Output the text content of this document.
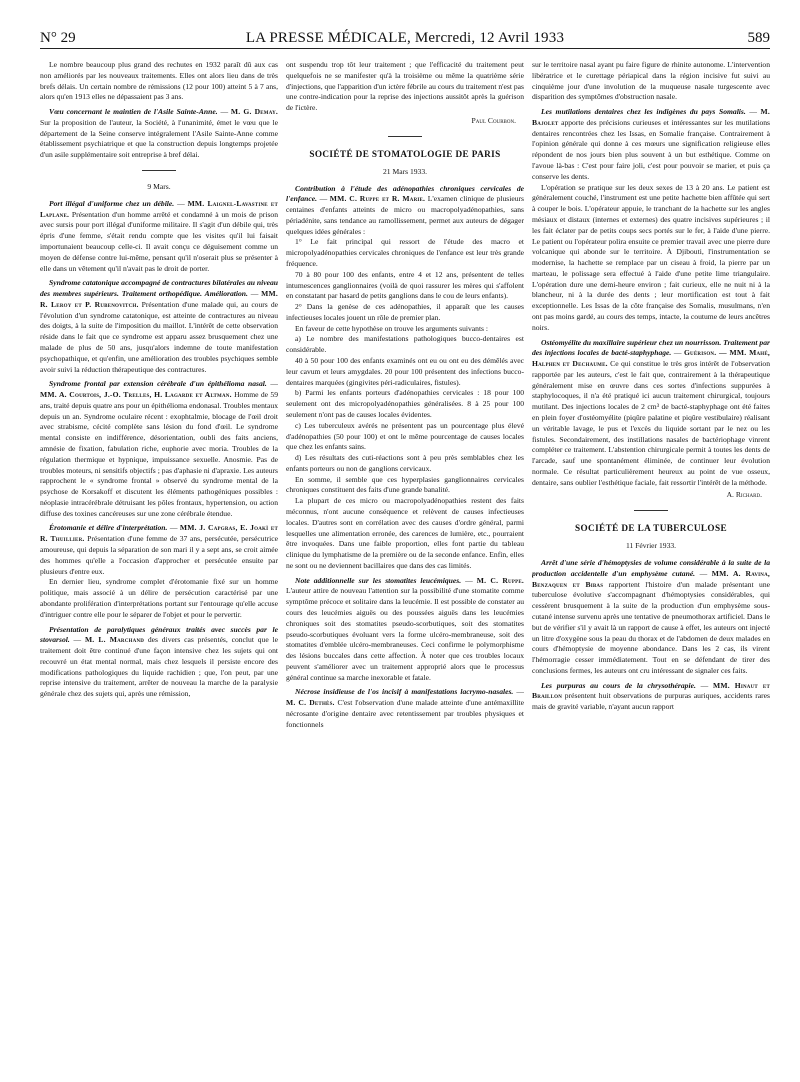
N° 29	LA PRESSE MÉDICALE, Mercredi, 12 Avril 1933	589

Le nombre beaucoup plus grand des rechutes en 1932 paraît dû aux cas non améliorés par les nouveaux traitements. Elles ont alors lieu dans de très brefs délais. Un certain nombre de rémissions (12 pour 100) atteint 5 à 7 ans, alors qu'en 1913 elles ne dépassaient pas 3 ans.

Vœu concernant le maintien de l'Asile Sainte-Anne. — M. G. Demay. Sur la proposition de l'auteur, la Société, à l'unanimité, émet le vœu que le département de la Seine conserve intégralement l'Asile Sainte-Anne comme établissement psychiatrique et que la construction depuis longtemps projetée d'un asile supplémentaire soit entreprise à bref délai.

9 Mars.

Port illégal d'uniforme chez un débile. — MM. Laignel-Lavastine et Laplane. Présentation d'un homme arrêté et condamné à un mois de prison avec sursis pour port illégal d'uniforme militaire. Il s'agit d'un débile qui, très épris d'une femme, s'était rendu compte que les visites qu'il lui faisait importunaient beaucoup celle-ci. Il avait conçu ce déguisement comme un moyen de défense contre lui-même, pensant qu'il n'oserait plus se présenter à elle dans un vêtement qu'il n'avait pas le droit de porter.

Syndrome catatonique accompagné de contractures bilatérales au niveau des membres supérieurs. Traitement orthopédique. Amélioration. — MM. R. Leroy et P. Rubenovitch. Présentation d'une malade qui, au cours de l'évolution d'un syndrome catatonique, est atteinte de contractures au niveau des doigts, à la suite de l'imposition du maillot. L'intérêt de cette observation réside dans le fait que ce syndrome est apparu assez brusquement chez une malade de plus de 50 ans, jusqu'alors indemne de toute manifestation psychopathique, et qu'enfin, une amélioration des troubles psychiques semble avoir suivi la réduction thérapeutique des contractures.

Syndrome frontal par extension cérébrale d'un épithélioma nasal. — MM. A. Courtois, J.-O. Trelles, H. Lagarde et Altman. Homme de 59 ans, traité depuis quatre ans pour un épithélioma endonasal. Troubles mentaux depuis un an. Syndrome oculaire récent : exophtalmie, blocage de l'œil droit avec strabisme, cécité complète sans lésion du fond d'œil. Le syndrome mental consiste en indifférence, désorientation, oubli des faits anciens, amnésie de fixation, fabulation riche, euphorie avec moria. Troubles de la régulation thermique et hypnique, impuissance sexuelle. Anosmie. Pas de troubles moteurs, ni sensitifs objectifs ; pas d'aphasie ni d'apraxie. Les auteurs rapprochent le « syndrome frontal » observé du syndrome mental de la psychose de Korsakoff et discutent les éléments pathogéniques possibles : néoplasie intracérébrale détruisant les pôles frontaux, hypertension, ou action diffuse des toxines cancéreuses sur une zone cérébrale étendue.

Érotomanie et délire d'interprétation. — MM. J. Capgras, E. Joakì et R. Thuillier. Présentation d'une femme de 37 ans, persécutée, persécutrice amoureuse, qui depuis la séparation de son mari il y a sept ans, se croit aimée des hommes qu'elle a l'occasion d'approcher et persécutée ensuite par plusieurs d'entre eux.

En dernier lieu, syndrome complet d'érotomanie fixé sur un homme politique, mais associé à un délire de persécution caractérisé par une abondante prolifération d'interprétations portant sur l'entourage qu'elle accuse d'intriguer contre elle pour le séparer de l'objet et pour le pervertir.

Présentation de paralytiques généraux traités avec succès par le stovarsol. — M. L. Marchand des divers cas présentés, conclut que le traitement doit être continué d'une façon intensive chez les sujets qui ont recouvré un état mental normal, mais chez lesquels il persiste encore des modifications pathologiques du liquide rachidien ; que, l'on peut, par une reprise intensive du traitement, arrêter de nouveau la marche de la paralysie générale chez des sujets qui, après une rémission,

ont suspendu trop tôt leur traitement ; que l'efficacité du traitement peut quelquefois ne se manifester qu'à la troisième ou même la quatrième série d'injections, que l'apparition d'un ictère fébrile au cours du traitement n'est pas une contre-indication pour la reprise des injections aussitôt après la guérison de l'ictère.

Paul Courbon.
SOCIÉTÉ DE STOMATOLOGIE DE PARIS
21 Mars 1933.

Contribution à l'étude des adénopathies chroniques cervicales de l'enfance. — MM. C. Ruppe et R. Marie. L'examen clinique de plusieurs centaines d'enfants atteints de micro ou macropolyadénopathies, sans périadénite, sans tendance au ramollissement, permet aux auteurs de dégager quelques idées générales :

1° Le fait principal qui ressort de l'étude des macro et micropolyadénopathies cervicales chroniques de l'enfance est leur très grande fréquence.

70 à 80 pour 100 des enfants, entre 4 et 12 ans, présentent de telles intumescences ganglionnaires (voilà de quoi rassurer les mères qui s'affolent en constatant par hasard de petits ganglions dans le cou de leurs enfants).

2° Dans la genèse de ces adénopathies, il apparaît que les causes infectieuses locales jouent un rôle de premier plan.

En faveur de cette hypothèse on trouve les arguments suivants :

a) Le nombre des manifestations pathologiques bucco-dentaires est considérable.

40 à 50 pour 100 des enfants examinés ont eu ou ont eu des démêlés avec leur cavum et leurs amygdales. 20 pour 100 présentent des infections bucco-dentaires marquées (gingivites péri-radiculaires, fistules).

b) Parmi les enfants porteurs d'adénopathies cervicales : 18 pour 100 seulement ont des micropolyadénopathies généralisées. 8 à 25 pour 100 seulement n'ont pas de causes locales évidentes.

c) Les tuberculeux avérés ne présentent pas un pourcentage plus élevé d'adénopathies (50 pour 100) et ont le même pourcentage de causes locales que chez les enfants sains.

d) Les résultats des cuti-réactions sont à peu près semblables chez les enfants porteurs ou non de ganglions cervicaux.

En somme, il semble que ces hyperplasies ganglionnaires cervicales chroniques constituent des faits d'une grande banalité.

La plupart de ces micro ou macropolyadénopathies restent des faits méconnus, n'ont aucune conséquence et relèvent de causes infectieuses locales. D'autres sont en corrélation avec des causes d'ordre général, parmi lesquelles une alimentation erronée, des carences de lumière, etc., pourraient être invoquées. Dans une faible proportion, elles font partie du tableau clinique du lymphatisme de la première ou de la seconde enfance. Enfin, elles ne sont ou ne deviennent bacillaires que dans des cas limités.

Note additionnelle sur les stomatites leucémiques. — M. C. Ruppe. L'auteur attire de nouveau l'attention sur la possibilité d'une stomatite comme symptôme précoce et solitaire dans la leucémie. Il est possible de constater au cours des leucémies aiguës ou des poussées aiguës dans les leucémies chroniques soit des stomatites pseudo-scorbutiques, soit des stomatites pseudo-scorbutiques évoluant vers la forme ulcéro-membraneuse, soit des stomatites d'emblée ulcéro-membraneuses. Ceci confirme le polymorphisme des lésions buccales dans cette affection. À noter que ces troubles locaux peuvent s'améliorer avec un traitement approprié alors que le processus général continue sa marche inexorable et fatale.

Nécrose insidieuse de l'os incisif à manifestations lacrymo-nasales. — M. C. Dethès. C'est l'observation d'une malade atteinte d'une antémaxillite nécrosante d'origine dentaire avec retentissement par troubles physiques et fonctionnels

sur le territoire nasal ayant pu faire figure de rhinite autonome. L'intervention libératrice et le curettage périapical dans la région incisive fut suivi au cinquième jour d'une involution de la muqueuse nasale turgescente avec disparition des symptômes d'obstruction nasale.

Les mutilations dentaires chez les indigènes du pays Somalis. — M. Bajolet apporte des précisions curieuses et intéressantes sur les mutilations dentaires rencontrées chez les Issas, en Somalie française. Contrairement à l'opinion générale qui donne à ces mœurs une signification religieuse elles répondent de nos jours bien plus souvent à un but esthétique. Comme on l'avoue là-bas : C'est pour faire joli, c'est pour pouvoir se marier, et puis ça conserve les dents.

L'opération se pratique sur les deux sexes de 13 à 20 ans. Le patient est généralement couché, l'instrument est une petite hachette bien affûtée qui sert à couper le bois. L'opérateur appuie, le tranchant de la hachette sur les angles mésiaux et distaux (internes et externes) des quatre incisives supérieures ; il les fait éclater par de petits coups secs portés sur le fer, à l'aide d'une pierre. Le patient ou l'opérateur polira ensuite ce premier travail avec une pierre dure volcanique qui abonde sur le territoire. À Djibouti, l'instrumentation se modernise, la hachette se remplace par un ciseau à froid, la pierre par un marteau, le polissage sera effectué à l'aide d'une petite lime triangulaire. L'opération dure une demi-heure environ ; fait curieux, elle ne nuit ni à la blancheur, ni à la durée des dents ; leur mortification est tout à fait exceptionnelle. Les Issas de la côte française des Somalis, musulmans, n'en ont pas moins gardé, au cours des temps, intacte, la coutume de leurs ancêtres noirs.

Ostéomyélite du maxillaire supérieur chez un nourrisson. Traitement par des injections locales de bacté-staphyphage. — Guérison. — MM. Mahé, Halphen et Dechaume. Ce qui constitue le très gros intérêt de l'observation rapportée par les auteurs, c'est le fait que, contrairement à la thérapeutique généralement mise en œuvre dans ces sortes d'infections suppurées à staphylocoques, il n'a été pratiqué ici aucun traitement chirurgical, toujours mutilant. Des injections locales de 2 cm³ de bacté-staphyphage ont été faites en plein foyer d'ostéomyélite (piqûre palatine et piqûre vestibulaire) réalisant un véritable lavage, le pus et l'excès du liquide sortant par le nez ou les fistules. Secondairement, des instillations nasales de bactériophage vinrent compléter ce traitement. L'abstention chirurgicale permit à toutes les dents de l'arcade, sauf une spontanément éliminée, de continuer leur évolution normale. Ce résultat particulièrement heureux au point de vue osseux, dentaire, sans oublier l'esthétique faciale, fait ressortir l'intérêt de la méthode.

A. Richard.
SOCIÉTÉ DE LA TUBERCULOSE
11 Février 1933.

Arrêt d'une série d'hémoptysies de volume considérable à la suite de la production accidentelle d'un emphysème cutané. — MM. A. Ravina, Benzaquen et Bibas rapportent l'histoire d'un malade présentant une tuberculose évolutive s'accompagnant d'hémoptysies considérables, qui cessèrent brusquement à la suite de la production d'un emphysème sous-cutané intense survenu après une tentative de pneumothorax artificiel. Dans le but de vérifier s'il y avait là un rapport de cause à effet, les auteurs ont injecté un litre d'oxygène sous la peau du thorax et de l'abdomen de deux malades en cours d'hémoptysie de moyenne abondance. Dans les 2 cas, ils virent l'hémorragie cesser immédiatement. Tout en se défendant de tirer des conclusions fermes, les auteurs ont cru intéressant de signaler ces faits.

Les purpuras au cours de la chrysothérapie. — MM. Hinaut et Braillon présentent huit observations de purpuras auriques, accidents rares mais de gravité variable, n'ayant aucun rapport
